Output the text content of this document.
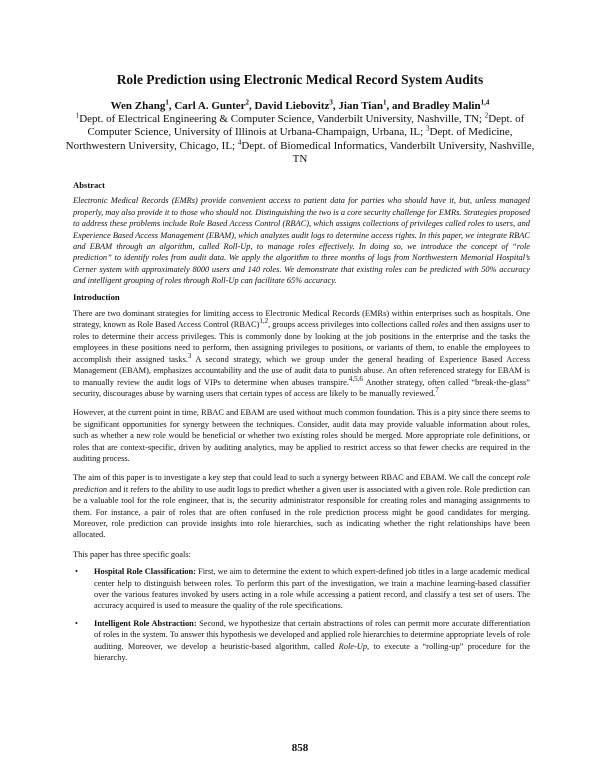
Role Prediction using Electronic Medical Record System Audits
Wen Zhang$^1$, Carl A. Gunter$^2$, David Liebovitz$^3$, Jian Tian$^1$, and Bradley Malin$^{1,4}$
$^1$Dept. of Electrical Engineering & Computer Science, Vanderbilt University, Nashville, TN; $^2$Dept. of Computer Science, University of Illinois at Urbana-Champaign, Urbana, IL; $^3$Dept. of Medicine, Northwestern University, Chicago, IL; $^4$Dept. of Biomedical Informatics, Vanderbilt University, Nashville, TN
Abstract

Electronic Medical Records (EMRs) provide convenient access to patient data for parties who should have it, but, unless managed properly, may also provide it to those who should not. Distinguishing the two is a core security challenge for EMRs. Strategies proposed to address these problems include Role Based Access Control (RBAC), which assigns collections of privileges called roles to users, and Experience Based Access Management (EBAM), which analyzes audit logs to determine access rights. In this paper, we integrate RBAC and EBAM through an algorithm, called Roll-Up, to manage roles effectively. In doing so, we introduce the concept of “role prediction” to identify roles from audit data. We apply the algorithm to three months of logs from Northwestern Memorial Hospital’s Cerner system with approximately 8000 users and 140 roles. We demonstrate that existing roles can be predicted with 50% accuracy and intelligent grouping of roles through Roll-Up can facilitate 65% accuracy.

Introduction

There are two dominant strategies for limiting access to Electronic Medical Records (EMRs) within enterprises such as hospitals. One strategy, known as Role Based Access Control (RBAC)$^{1,2}$, groups access privileges into collections called roles and then assigns user to roles to determine their access privileges. This is commonly done by looking at the job positions in the enterprise and the tasks the employees in these positions need to perform, then assigning privileges to positions, or variants of them, to enable the employees to accomplish their assigned tasks.$^3$ A second strategy, which we group under the general heading of Experience Based Access Management (EBAM), emphasizes accountability and the use of audit data to punish abuse. An often referenced strategy for EBAM is to manually review the audit logs of VIPs to determine when abuses transpire.$^{4,5,6}$ Another strategy, often called “break-the-glass” security, discourages abuse by warning users that certain types of access are likely to be manually reviewed.$^7$

However, at the current point in time, RBAC and EBAM are used without much common foundation. This is a pity since there seems to be significant opportunities for synergy between the techniques. Consider, audit data may provide valuable information about roles, such as whether a new role would be beneficial or whether two existing roles should be merged. More appropriate role definitions, or roles that are context-specific, driven by auditing analytics, may be applied to restrict access so that fewer checks are required in the auditing process.

The aim of this paper is to investigate a key step that could lead to such a synergy between RBAC and EBAM. We call the concept role prediction and it refers to the ability to use audit logs to predict whether a given user is associated with a given role. Role prediction can be a valuable tool for the role engineer, that is, the security administrator responsible for creating roles and managing assignments to them. For instance, a pair of roles that are often confused in the role prediction process might be good candidates for merging. Moreover, role prediction can provide insights into role hierarchies, such as indicating whether the right relationships have been allocated.

This paper has three specific goals:

• Hospital Role Classification: First, we aim to determine the extent to which expert-defined job titles in a large academic medical center help to distinguish between roles. To perform this part of the investigation, we train a machine learning-based classifier over the various features invoked by users acting in a role while accessing a patient record, and classify a test set of users. The accuracy acquired is used to measure the quality of the role specifications.
• Intelligent Role Abstraction: Second, we hypothesize that certain abstractions of roles can permit more accurate differentiation of roles in the system. To answer this hypothesis we developed and applied role hierarchies to determine appropriate levels of role auditing. Moreover, we develop a heuristic-based algorithm, called Role-Up, to execute a “rolling-up” procedure for the hierarchy.
858
